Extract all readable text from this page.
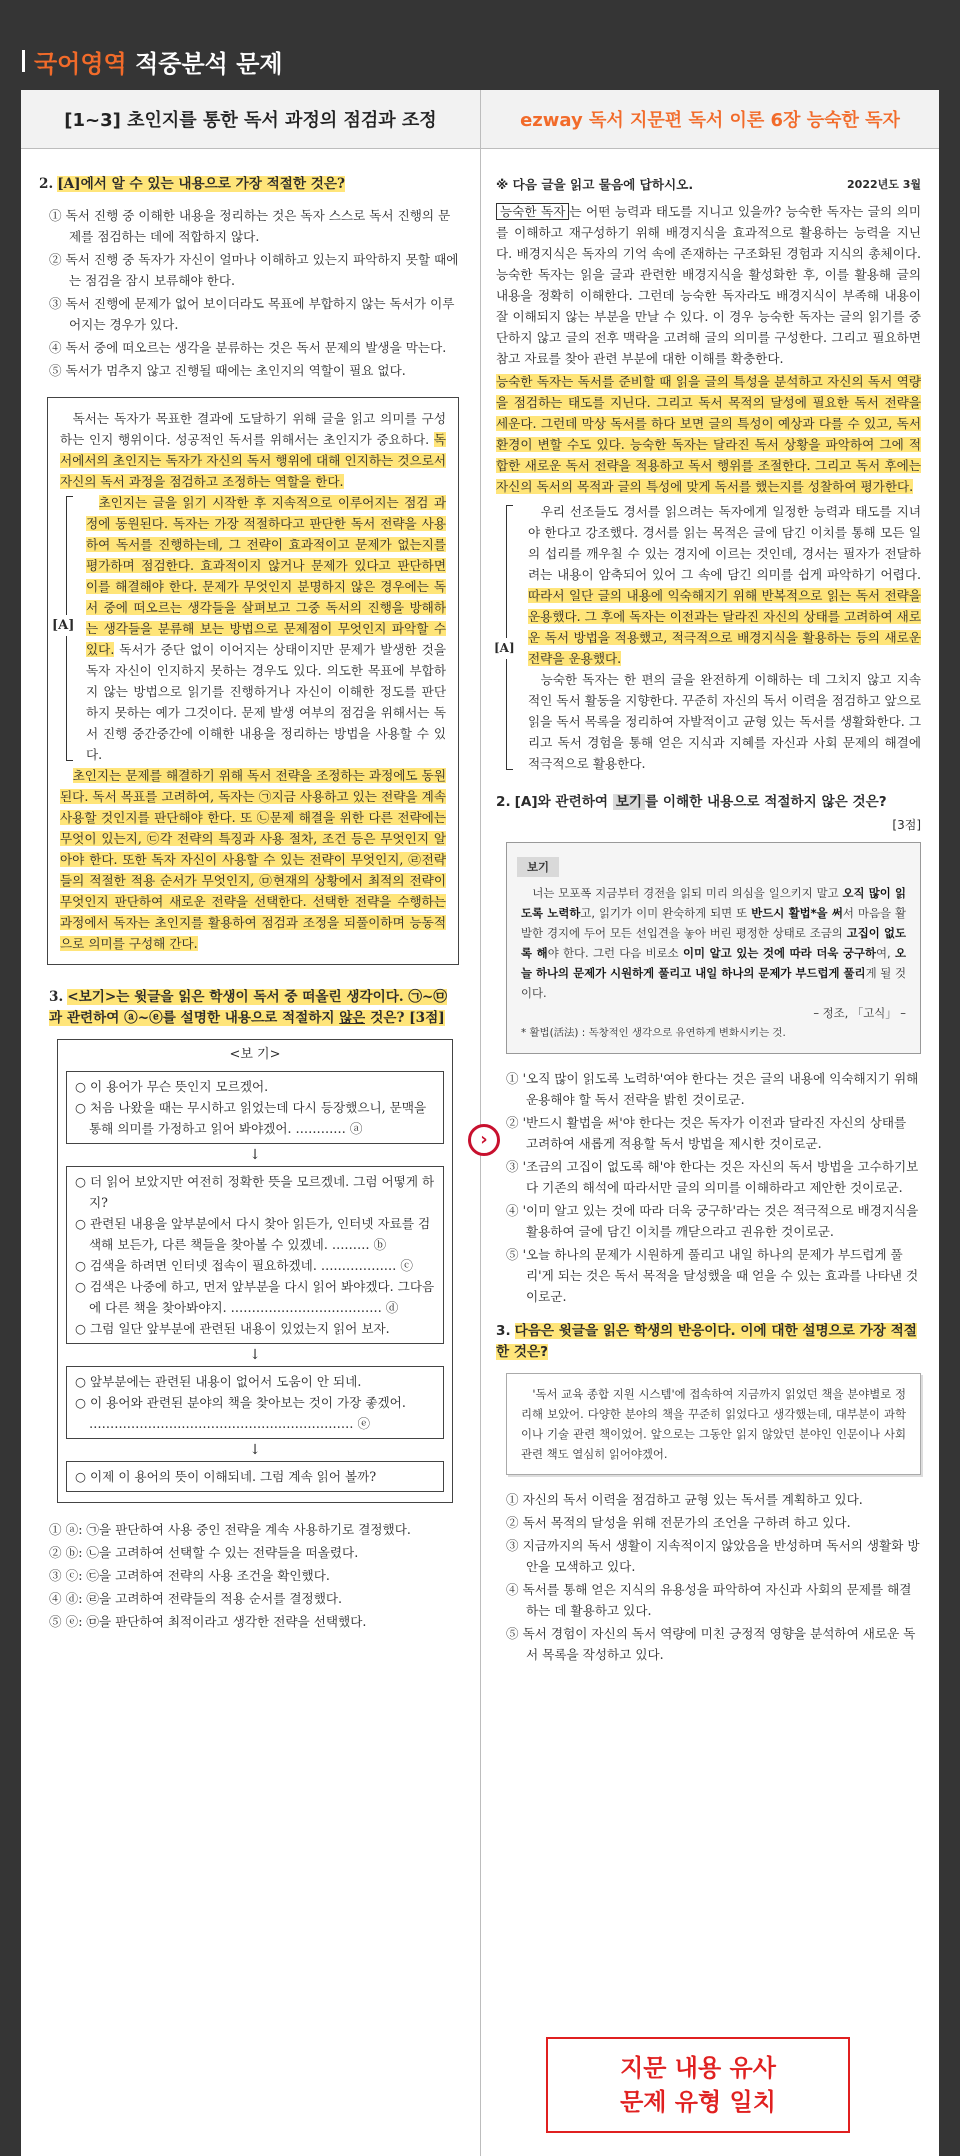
국어영역 적중분석 문제
[1~3] 초인지를 통한 독서 과정의 점검과 조정	ezway 독서 지문편 독서 이론 6장 능숙한 독자
2. [A]에서 알 수 있는 내용으로 가장 적절한 것은?
① 독서 진행 중 이해한 내용을 정리하는 것은 독자 스스로 독서 진행의 문제를 점검하는 데에 적합하지 않다.
② 독서 진행 중 독자가 자신이 얼마나 이해하고 있는지 파악하지 못할 때에는 점검을 잠시 보류해야 한다.
③ 독서 진행에 문제가 없어 보이더라도 목표에 부합하지 않는 독서가 이루어지는 경우가 있다.
④ 독서 중에 떠오르는 생각을 분류하는 것은 독서 문제의 발생을 막는다.
⑤ 독서가 멈추지 않고 진행될 때에는 초인지의 역할이 필요 없다.

독서는 독자가 목표한 결과에 도달하기 위해 글을 읽고 의미를 구성하는 인지 행위이다. 성공적인 독서를 위해서는 초인지가 중요하다. 독서에서의 초인지는 독자가 자신의 독서 행위에 대해 인지하는 것으로서 자신의 독서 과정을 점검하고 조정하는 역할을 한다.

[A]

초인지는 글을 읽기 시작한 후 지속적으로 이루어지는 점검 과정에 동원된다. 독자는 가장 적절하다고 판단한 독서 전략을 사용하여 독서를 진행하는데, 그 전략이 효과적이고 문제가 없는지를 평가하며 점검한다. 효과적이지 않거나 문제가 있다고 판단하면 이를 해결해야 한다. 문제가 무엇인지 분명하지 않은 경우에는 독서 중에 떠오르는 생각들을 살펴보고 그중 독서의 진행을 방해하는 생각들을 분류해 보는 방법으로 문제점이 무엇인지 파악할 수 있다. 독서가 중단 없이 이어지는 상태이지만 문제가 발생한 것을 독자 자신이 인지하지 못하는 경우도 있다. 의도한 목표에 부합하지 않는 방법으로 읽기를 진행하거나 자신이 이해한 정도를 판단하지 못하는 예가 그것이다. 문제 발생 여부의 점검을 위해서는 독서 진행 중간중간에 이해한 내용을 정리하는 방법을 사용할 수 있다.

초인지는 문제를 해결하기 위해 독서 전략을 조정하는 과정에도 동원된다. 독서 목표를 고려하여, 독자는 ㉠지금 사용하고 있는 전략을 계속 사용할 것인지를 판단해야 한다. 또 ㉡문제 해결을 위한 다른 전략에는 무엇이 있는지, ㉢각 전략의 특징과 사용 절차, 조건 등은 무엇인지 알아야 한다. 또한 독자 자신이 사용할 수 있는 전략이 무엇인지, ㉣전략들의 적절한 적용 순서가 무엇인지, ㉤현재의 상황에서 최적의 전략이 무엇인지 판단하여 새로운 전략을 선택한다. 선택한 전략을 수행하는 과정에서 독자는 초인지를 활용하여 점검과 조정을 되풀이하며 능동적으로 의미를 구성해 간다.

3. <보기>는 윗글을 읽은 학생이 독서 중 떠올린 생각이다. ㉠~㉤과 관련하여 ⓐ~ⓔ를 설명한 내용으로 적절하지 않은 것은? [3점]
<보 기>
○ 이 용어가 무슨 뜻인지 모르겠어.
○ 처음 나왔을 때는 무시하고 읽었는데 다시 등장했으니, 문맥을 통해 의미를 가정하고 읽어 봐야겠어. ………… ⓐ
↓
○ 더 읽어 보았지만 여전히 정확한 뜻을 모르겠네. 그럼 어떻게 하지?
○ 관련된 내용을 앞부분에서 다시 찾아 읽든가, 인터넷 자료를 검색해 보든가, 다른 책들을 찾아볼 수 있겠네. ……… ⓑ
○ 검색을 하려면 인터넷 접속이 필요하겠네. ……………… ⓒ
○ 검색은 나중에 하고, 먼저 앞부분을 다시 읽어 봐야겠다. 그다음에 다른 책을 찾아봐야지. ……………………………… ⓓ
○ 그럼 일단 앞부분에 관련된 내용이 있었는지 읽어 보자.
↓
○ 앞부분에는 관련된 내용이 없어서 도움이 안 되네.
○ 이 용어와 관련된 분야의 책을 찾아보는 것이 가장 좋겠어. ……………………………………………………… ⓔ
↓
○ 이제 이 용어의 뜻이 이해되네. 그럼 계속 읽어 볼까?
① ⓐ: ㉠을 판단하여 사용 중인 전략을 계속 사용하기로 결정했다.
② ⓑ: ㉡을 고려하여 선택할 수 있는 전략들을 떠올렸다.
③ ⓒ: ㉢을 고려하여 전략의 사용 조건을 확인했다.
④ ⓓ: ㉣을 고려하여 전략들의 적용 순서를 결정했다.
⑤ ⓔ: ㉤을 판단하여 최적이라고 생각한 전략을 선택했다.
※ 다음 글을 읽고 물음에 답하시오.	2022년도 3월

능숙한 독자 는 어떤 능력과 태도를 지니고 있을까? 능숙한 독자는 글의 의미를 이해하고 재구성하기 위해 배경지식을 효과적으로 활용하는 능력을 지닌다. 배경지식은 독자의 기억 속에 존재하는 구조화된 경험과 지식의 총체이다. 능숙한 독자는 읽을 글과 관련한 배경지식을 활성화한 후, 이를 활용해 글의 내용을 정확히 이해한다. 그런데 능숙한 독자라도 배경지식이 부족해 내용이 잘 이해되지 않는 부분을 만날 수 있다. 이 경우 능숙한 독자는 글의 읽기를 중단하지 않고 글의 전후 맥락을 고려해 글의 의미를 구성한다. 그리고 필요하면 참고 자료를 찾아 관련 부분에 대한 이해를 확충한다.

능숙한 독자는 독서를 준비할 때 읽을 글의 특성을 분석하고 자신의 독서 역량을 점검하는 태도를 지닌다. 그리고 독서 목적의 달성에 필요한 독서 전략을 세운다. 그런데 막상 독서를 하다 보면 글의 특성이 예상과 다를 수 있고, 독서 환경이 변할 수도 있다. 능숙한 독자는 달라진 독서 상황을 파악하여 그에 적합한 새로운 독서 전략을 적용하고 독서 행위를 조절한다. 그리고 독서 후에는 자신의 독서의 목적과 글의 특성에 맞게 독서를 했는지를 성찰하여 평가한다.

[A]

우리 선조들도 경서를 읽으려는 독자에게 일정한 능력과 태도를 지녀야 한다고 강조했다. 경서를 읽는 목적은 글에 담긴 이치를 통해 모든 일의 섭리를 깨우칠 수 있는 경지에 이르는 것인데, 경서는 필자가 전달하려는 내용이 암축되어 있어 그 속에 담긴 의미를 쉽게 파악하기 어렵다. 따라서 일단 글의 내용에 익숙해지기 위해 반복적으로 읽는 독서 전략을 운용했다. 그 후에 독자는 이전과는 달라진 자신의 상태를 고려하여 새로운 독서 방법을 적용했고, 적극적으로 배경지식을 활용하는 등의 새로운 전략을 운용했다.

능숙한 독자는 한 편의 글을 완전하게 이해하는 데 그치지 않고 지속적인 독서 활동을 지향한다. 꾸준히 자신의 독서 이력을 점검하고 앞으로 읽을 독서 목록을 정리하여 자발적이고 균형 있는 독서를 생활화한다. 그리고 독서 경험을 통해 얻은 지식과 지혜를 자신과 사회 문제의 해결에 적극적으로 활용한다.

2. [A]와 관련하여 보기 를 이해한 내용으로 적절하지 않은 것은?
[3점]
보기

너는 모포폭 지금부터 경전을 읽되 미리 의심을 일으키지 말고 오직 많이 읽도록 노력하고, 읽기가 이미 완숙하게 되면 또 반드시 활법*을 써서 마음을 활발한 경지에 두어 모든 선입견을 놓아 버린 평정한 상태로 조금의 고집이 없도록 해야 한다. 그런 다음 비로소 이미 알고 있는 것에 따라 더욱 궁구하여, 오늘 하나의 문제가 시원하게 풀리고 내일 하나의 문제가 부드럽게 풀리게 될 것이다.

– 정조, 「고식」 –
* 활법(活法) : 독창적인 생각으로 유연하게 변화시키는 것.
① '오직 많이 읽도록 노력하'여야 한다는 것은 글의 내용에 익숙해지기 위해 운용해야 할 독서 전략을 밝힌 것이로군.
② '반드시 활법을 써'야 한다는 것은 독자가 이전과 달라진 자신의 상태를 고려하여 새롭게 적용할 독서 방법을 제시한 것이로군.
③ '조금의 고집이 없도록 해'야 한다는 것은 자신의 독서 방법을 고수하기보다 기존의 해석에 따라서만 글의 의미를 이해하라고 제안한 것이로군.
④ '이미 알고 있는 것에 따라 더욱 궁구하'라는 것은 적극적으로 배경지식을 활용하여 글에 담긴 이치를 깨닫으라고 권유한 것이로군.
⑤ '오늘 하나의 문제가 시원하게 풀리고 내일 하나의 문제가 부드럽게 풀리'게 되는 것은 독서 목적을 달성했을 때 얻을 수 있는 효과를 나타낸 것이로군.
3. 다음은 윗글을 읽은 학생의 반응이다. 이에 대한 설명으로 가장 적절한 것은?

'독서 교육 종합 지원 시스템'에 접속하여 지금까지 읽었던 책을 분야별로 정리해 보았어. 다양한 분야의 책을 꾸준히 읽었다고 생각했는데, 대부분이 과학이나 기술 관련 책이었어. 앞으로는 그동안 읽지 않았던 분야인 인문이나 사회 관련 책도 열심히 읽어야겠어.

① 자신의 독서 이력을 점검하고 균형 있는 독서를 계획하고 있다.
② 독서 목적의 달성을 위해 전문가의 조언을 구하려 하고 있다.
③ 지금까지의 독서 생활이 지속적이지 않았음을 반성하며 독서의 생활화 방안을 모색하고 있다.
④ 독서를 통해 얻은 지식의 유용성을 파악하여 자신과 사회의 문제를 해결하는 데 활용하고 있다.
⑤ 독서 경험이 자신의 독서 역량에 미친 긍정적 영향을 분석하여 새로운 독서 목록을 작성하고 있다.
›
지문 내용 유사
문제 유형 일치
